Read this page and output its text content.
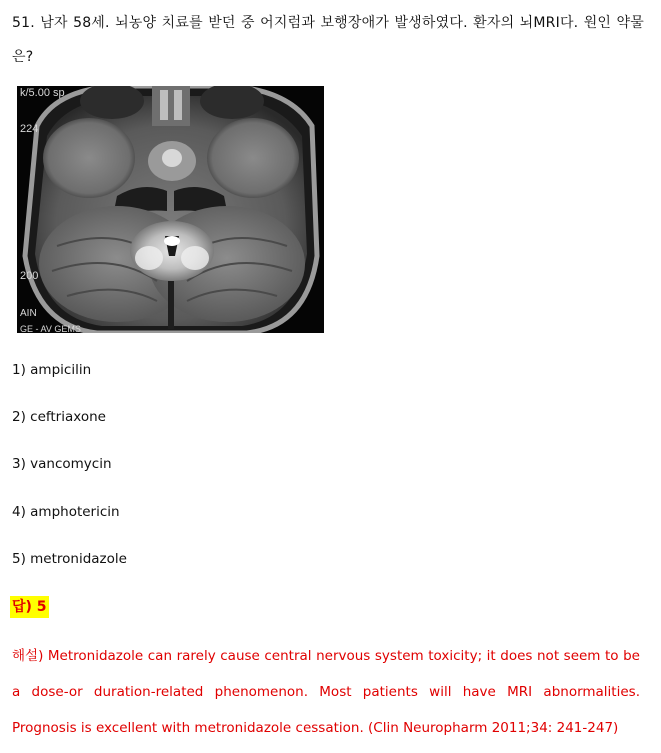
51. 남자 58세. 뇌농양 치료를 받던 중 어지럼과 보행장애가 발생하였다. 환자의 뇌MRI다. 원인 약물은?
k/5.00 sp
224
200
AIN
GE - AV GEMS
1) ampicilin
2) ceftriaxone
3) vancomycin
4) amphotericin
5) metronidazole
답) 5
해설) Metronidazole can rarely cause central nervous system toxicity; it does not seem to be a dose-or duration-related phenomenon. Most patients will have MRI abnormalities. Prognosis is excellent with metronidazole cessation. (Clin Neuropharm 2011;34: 241-247)
